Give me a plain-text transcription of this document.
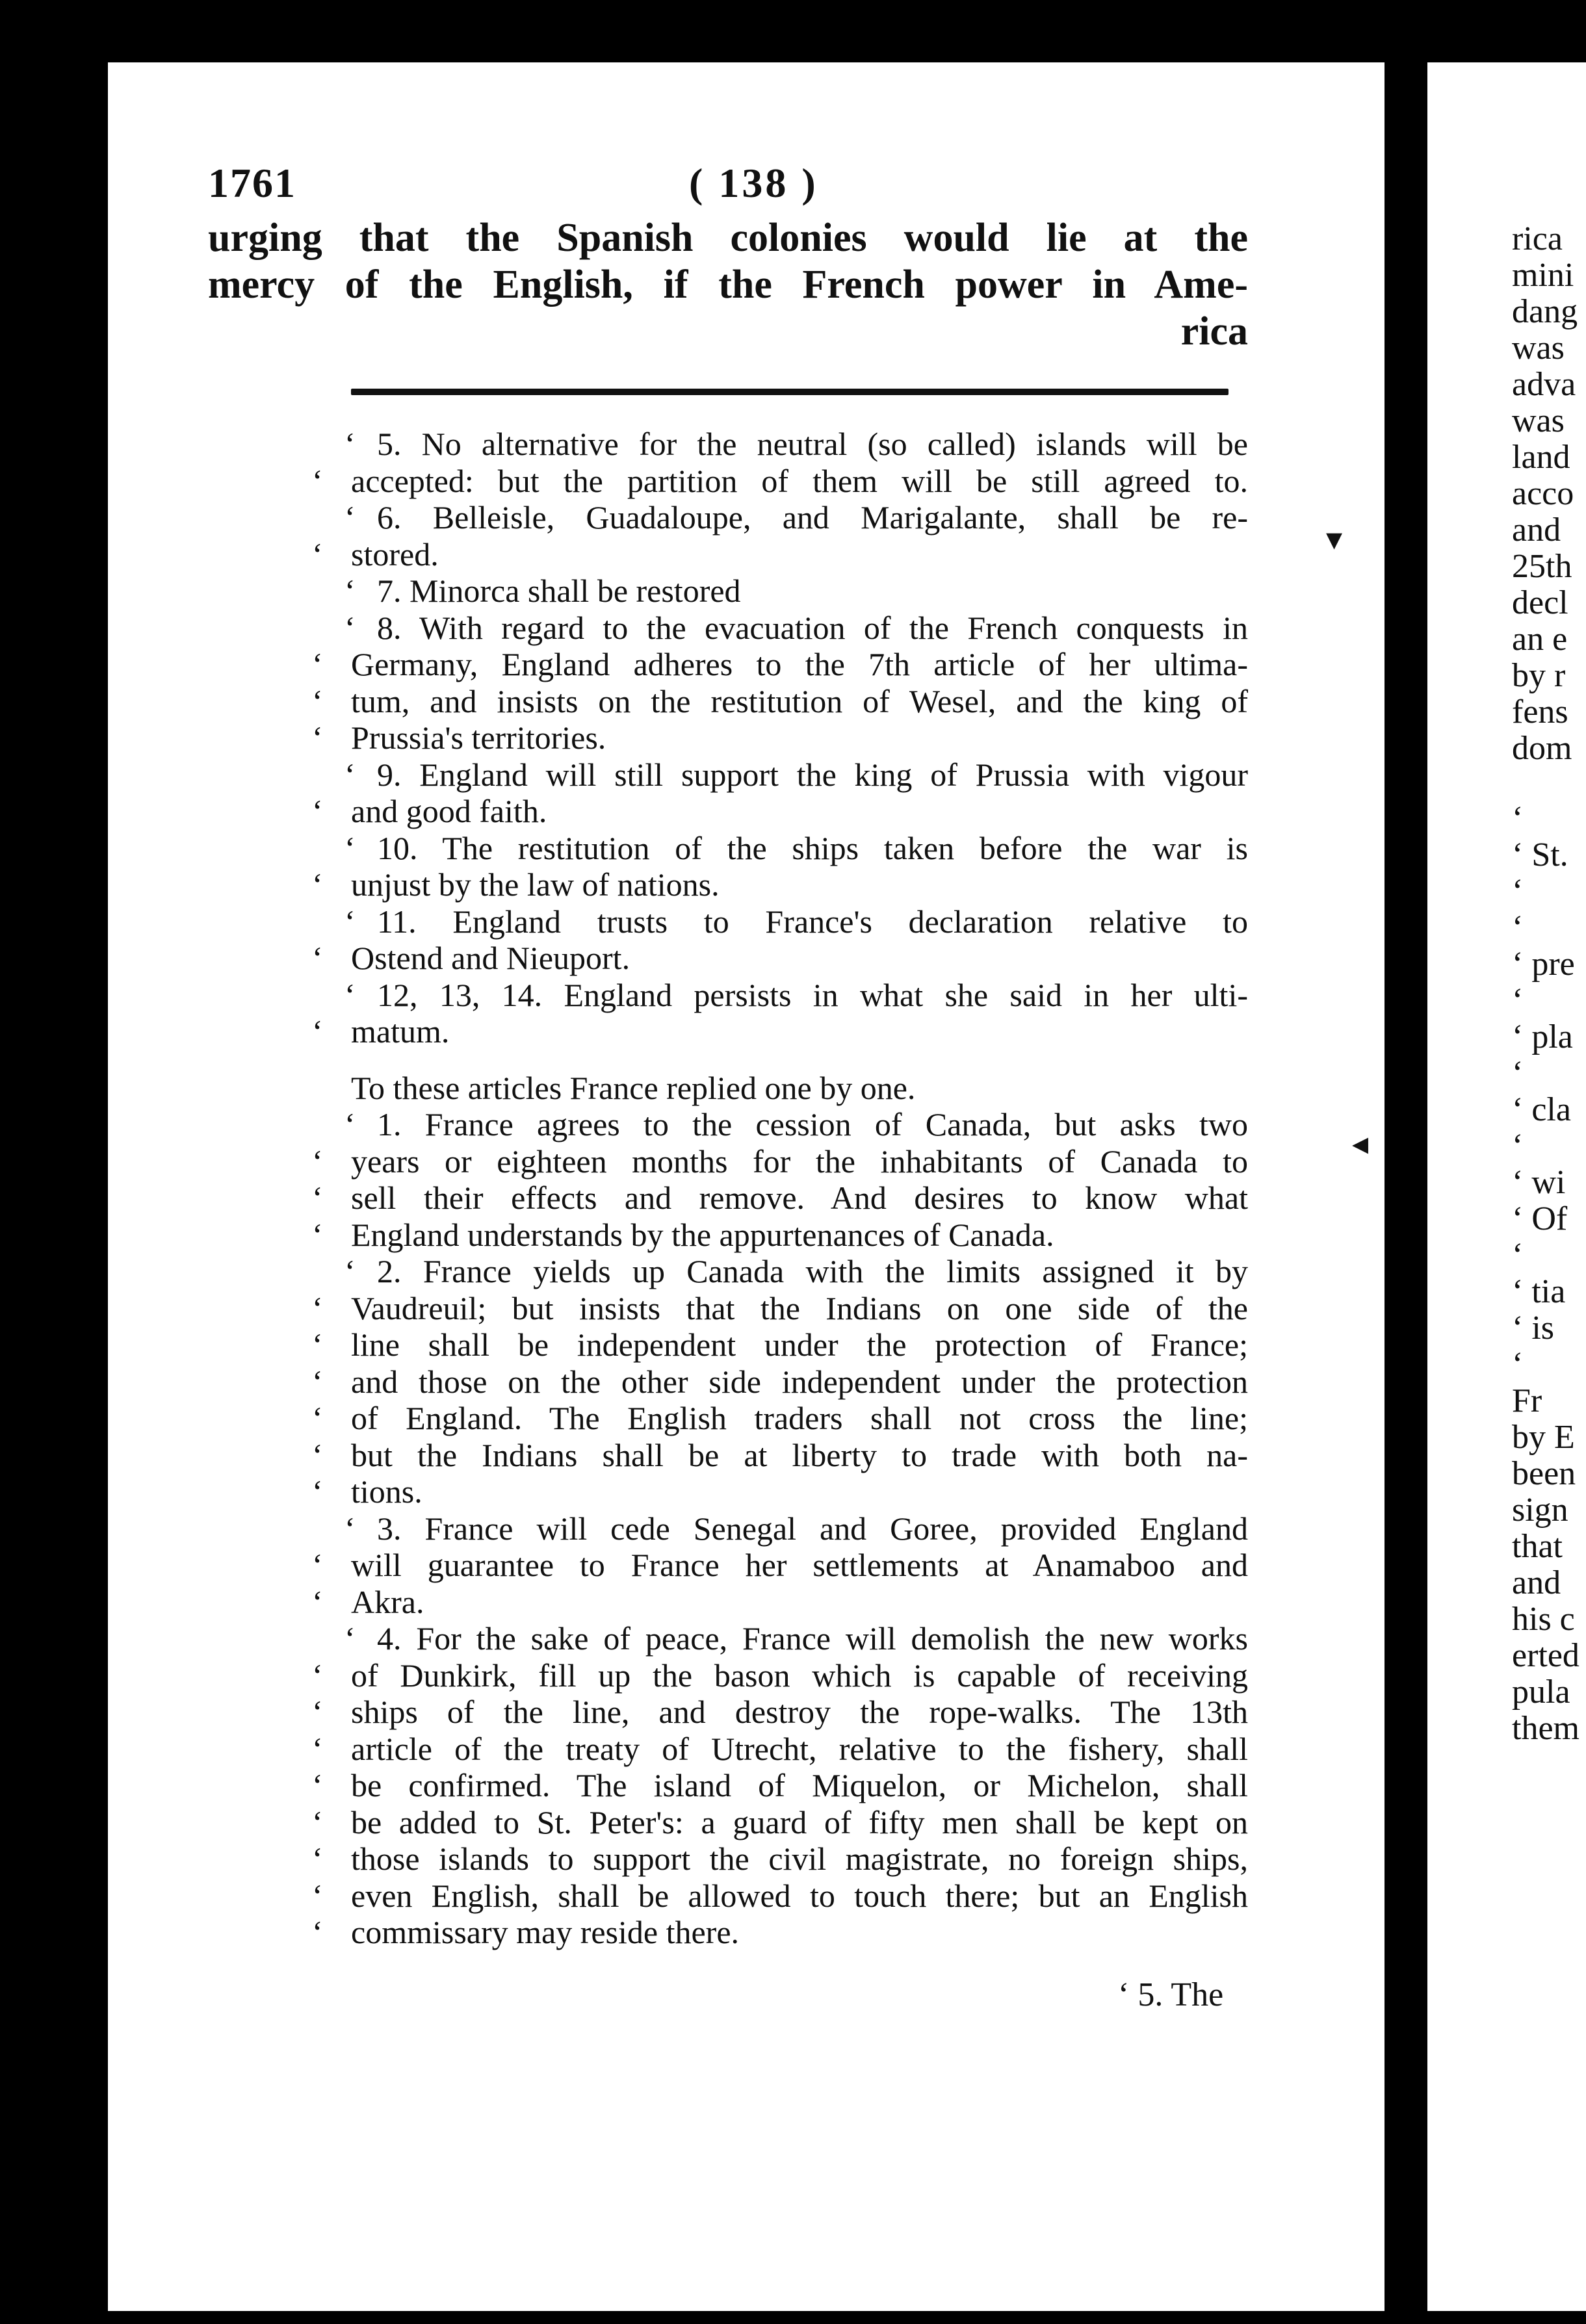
1761	( 138 )
urging that the Spanish colonies would lie at the
mercy of the English, if the French power in Ame-
rica
‘ 5. No alternative for the neutral (so called) islands will be
‘ accepted: but the partition of them will be still agreed to.
‘ 6. Belleisle, Guadaloupe, and Marigalante, shall be re-
‘ stored.
‘ 7. Minorca shall be restored
‘ 8. With regard to the evacuation of the French conquests in
‘ Germany, England adheres to the 7th article of her ultima-
‘ tum, and insists on the restitution of Wesel, and the king of
‘ Prussia's territories.
‘ 9. England will still support the king of Prussia with vigour
‘ and good faith.
‘ 10. The restitution of the ships taken before the war is
‘ unjust by the law of nations.
‘ 11. England trusts to France's declaration relative to
‘ Ostend and Nieuport.
‘ 12, 13, 14. England persists in what she said in her ulti-
‘ matum.
To these articles France replied one by one.
‘ 1. France agrees to the cession of Canada, but asks two
‘ years or eighteen months for the inhabitants of Canada to
‘ sell their effects and remove. And desires to know what
‘ England understands by the appurtenances of Canada.
‘ 2. France yields up Canada with the limits assigned it by
‘ Vaudreuil; but insists that the Indians on one side of the
‘ line shall be independent under the protection of France;
‘ and those on the other side independent under the protection
‘ of England. The English traders shall not cross the line;
‘ but the Indians shall be at liberty to trade with both na-
‘ tions.
‘ 3. France will cede Senegal and Goree, provided England
‘ will guarantee to France her settlements at Anamaboo and
‘ Akra.
‘ 4. For the sake of peace, France will demolish the new works
‘ of Dunkirk, fill up the bason which is capable of receiving
‘ ships of the line, and destroy the rope-walks. The 13th
‘ article of the treaty of Utrecht, relative to the fishery, shall
‘ be confirmed. The island of Miquelon, or Michelon, shall
‘ be added to St. Peter's: a guard of fifty men shall be kept on
‘ those islands to support the civil magistrate, no foreign ships,
‘ even English, shall be allowed to touch there; but an English
‘ commissary may reside there.
‘ 5. The
rica
mini
dang
was
adva
was
land
acco
and
25th
decl
an e
by r
fens
dom
‘
‘ St.
‘
‘
‘ pre
‘
‘ pla
‘
‘ cla
‘
‘ wi
‘ Of
‘
‘ tia
‘ is
‘
Fr
by E
been
sign
that
and
his c
erted
pula
them
▾
◂
